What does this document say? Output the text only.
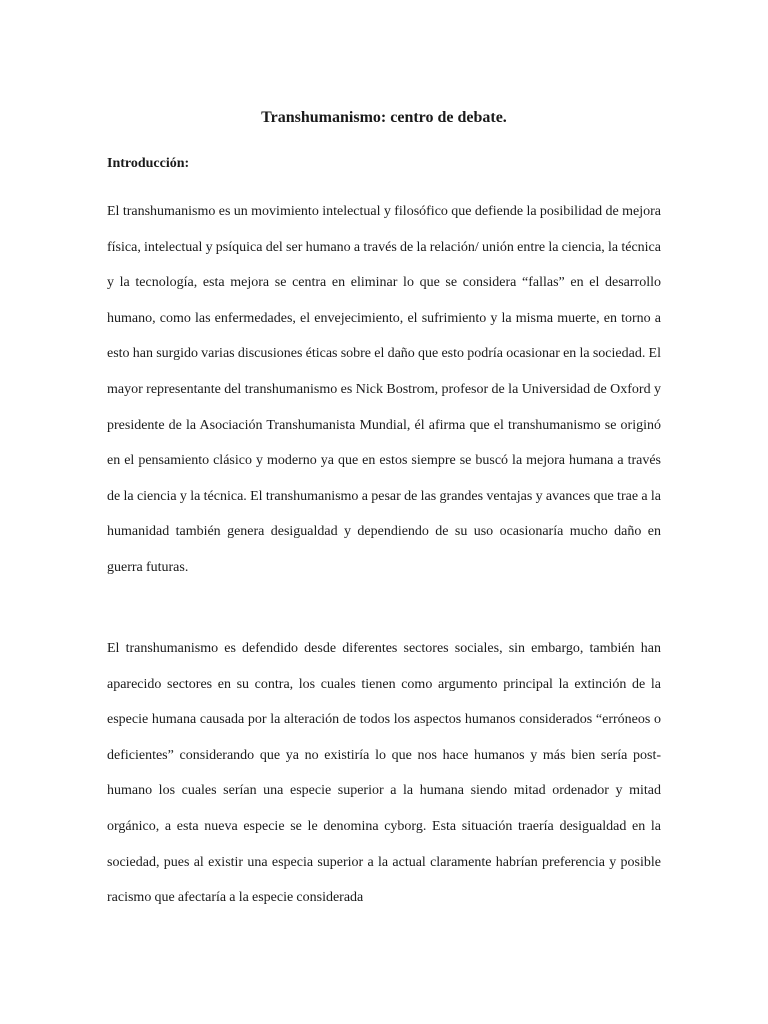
Transhumanismo: centro de debate.
Introducción:

El transhumanismo es un movimiento intelectual y filosófico que defiende la posibilidad de mejora física, intelectual y psíquica del ser humano a través de la relación/ unión entre la ciencia, la técnica y la tecnología, esta mejora se centra en eliminar lo que se considera “fallas” en el desarrollo humano, como las enfermedades, el envejecimiento, el sufrimiento y la misma muerte, en torno a esto han surgido varias discusiones éticas sobre el daño que esto podría ocasionar en la sociedad. El mayor representante del transhumanismo es Nick Bostrom, profesor de la Universidad de Oxford y presidente de la Asociación Transhumanista Mundial, él afirma que el transhumanismo se originó en el pensamiento clásico y moderno ya que en estos siempre se buscó la mejora humana a través de la ciencia y la técnica. El transhumanismo a pesar de las grandes ventajas y avances que trae a la humanidad también genera desigualdad y dependiendo de su uso ocasionaría mucho daño en guerra futuras.

El transhumanismo es defendido desde diferentes sectores sociales, sin embargo, también han aparecido sectores en su contra, los cuales tienen como argumento principal la extinción de la especie humana causada por la alteración de todos los aspectos humanos considerados “erróneos o deficientes” considerando que ya no existiría lo que nos hace humanos y más bien sería post-humano los cuales serían una especie superior a la humana siendo mitad ordenador y mitad orgánico, a esta nueva especie se le denomina cyborg. Esta situación traería desigualdad en la sociedad, pues al existir una especia superior a la actual claramente habrían preferencia y posible racismo que afectaría a la especie considerada
